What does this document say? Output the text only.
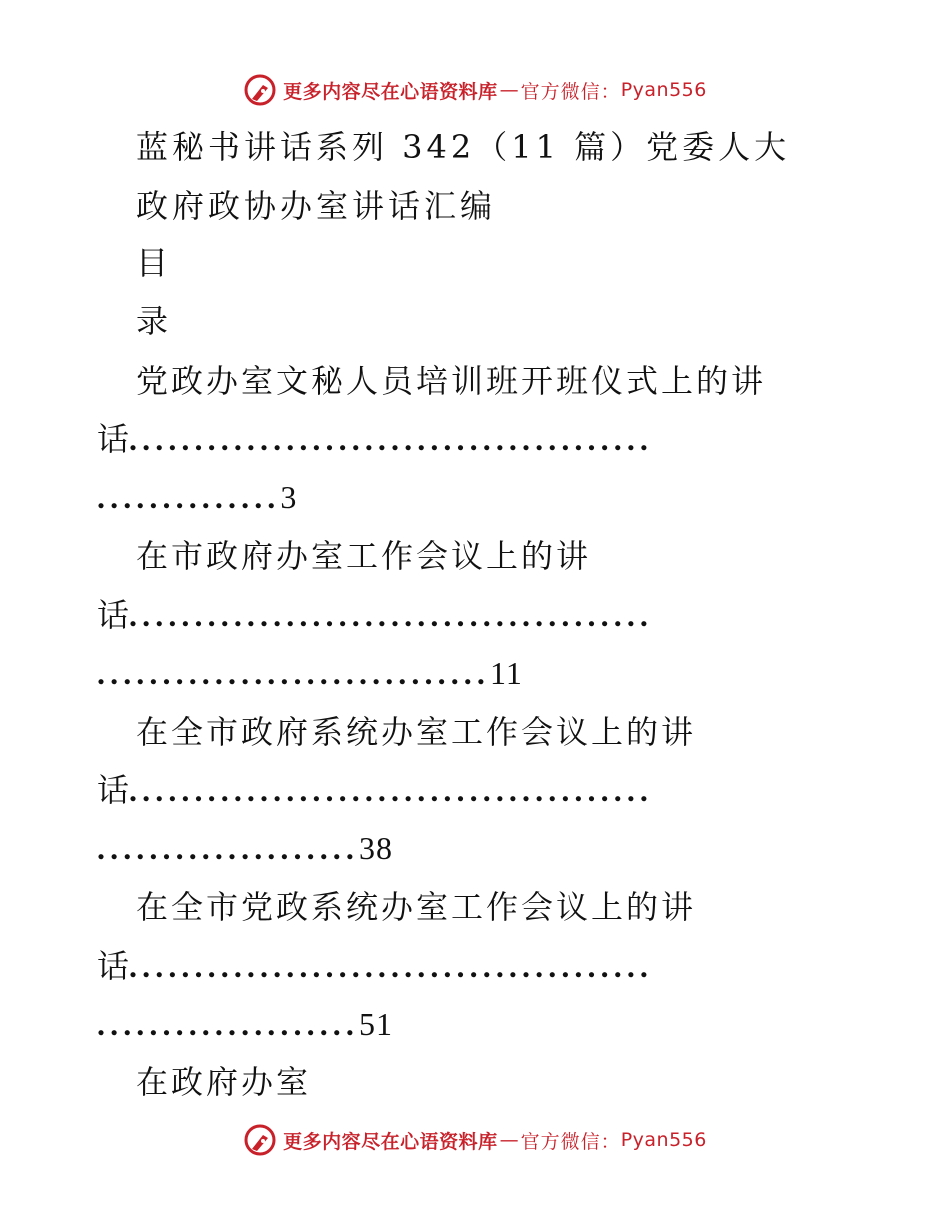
更多内容尽在心语资料库 — 官方微信： Pyan556
蓝秘书讲话系列 342（11 篇）党委人大
政府政协办室讲话汇编
目
录
党政办室文秘人员培训班开班仪式上的讲
话........................................
..............3
在市政府办室工作会议上的讲
话........................................
..............................11
在全市政府系统办室工作会议上的讲
话........................................
....................38
在全市党政系统办室工作会议上的讲
话........................................
....................51
在政府办室
更多内容尽在心语资料库 — 官方微信： Pyan556
